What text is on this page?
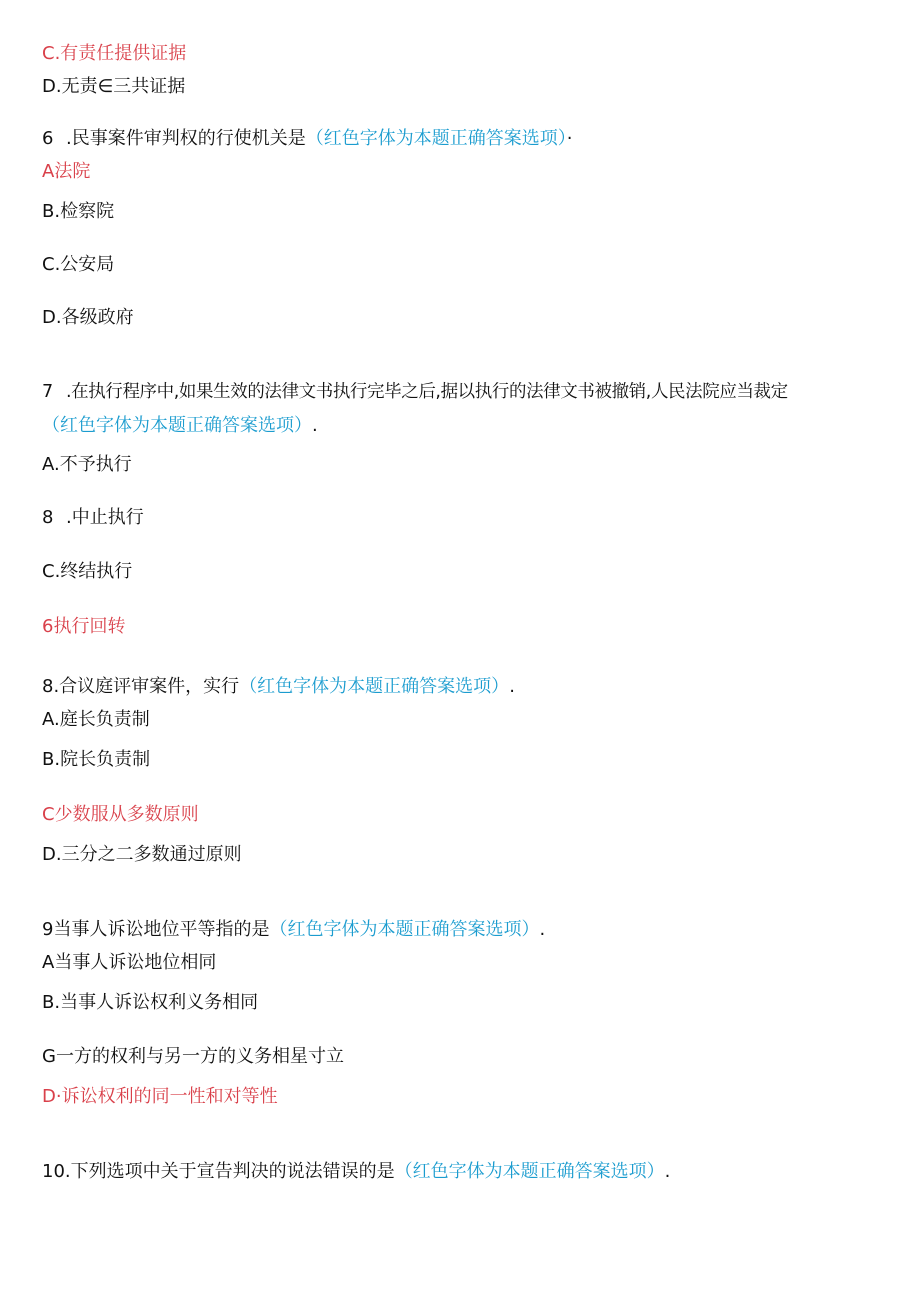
C.有责任提供证据
D.无责∈三共证据
6 .民事案件审判权的行使机关是（红色字体为本题正确答案选项）·
A法院
B.检察院
C.公安局
D.各级政府
7 .在执行程序中,如果生效的法律文书执行完毕之后,据以执行的法律文书被撤销,人民法院应当裁定
（红色字体为本题正确答案选项）.
A.不予执行
8 .中止执行
C.终结执行
6执行回转
8.合议庭评审案件，实行（红色字体为本题正确答案选项）.
A.庭长负责制
B.院长负责制
C少数服从多数原则
D.三分之二多数通过原则
9当事人诉讼地位平等指的是（红色字体为本题正确答案选项）.
A当事人诉讼地位相同
B.当事人诉讼权利义务相同
G一方的权利与另一方的义务相星寸立
D·诉讼权利的同一性和对等性
10.下列选项中关于宣告判决的说法错误的是（红色字体为本题正确答案选项）.
